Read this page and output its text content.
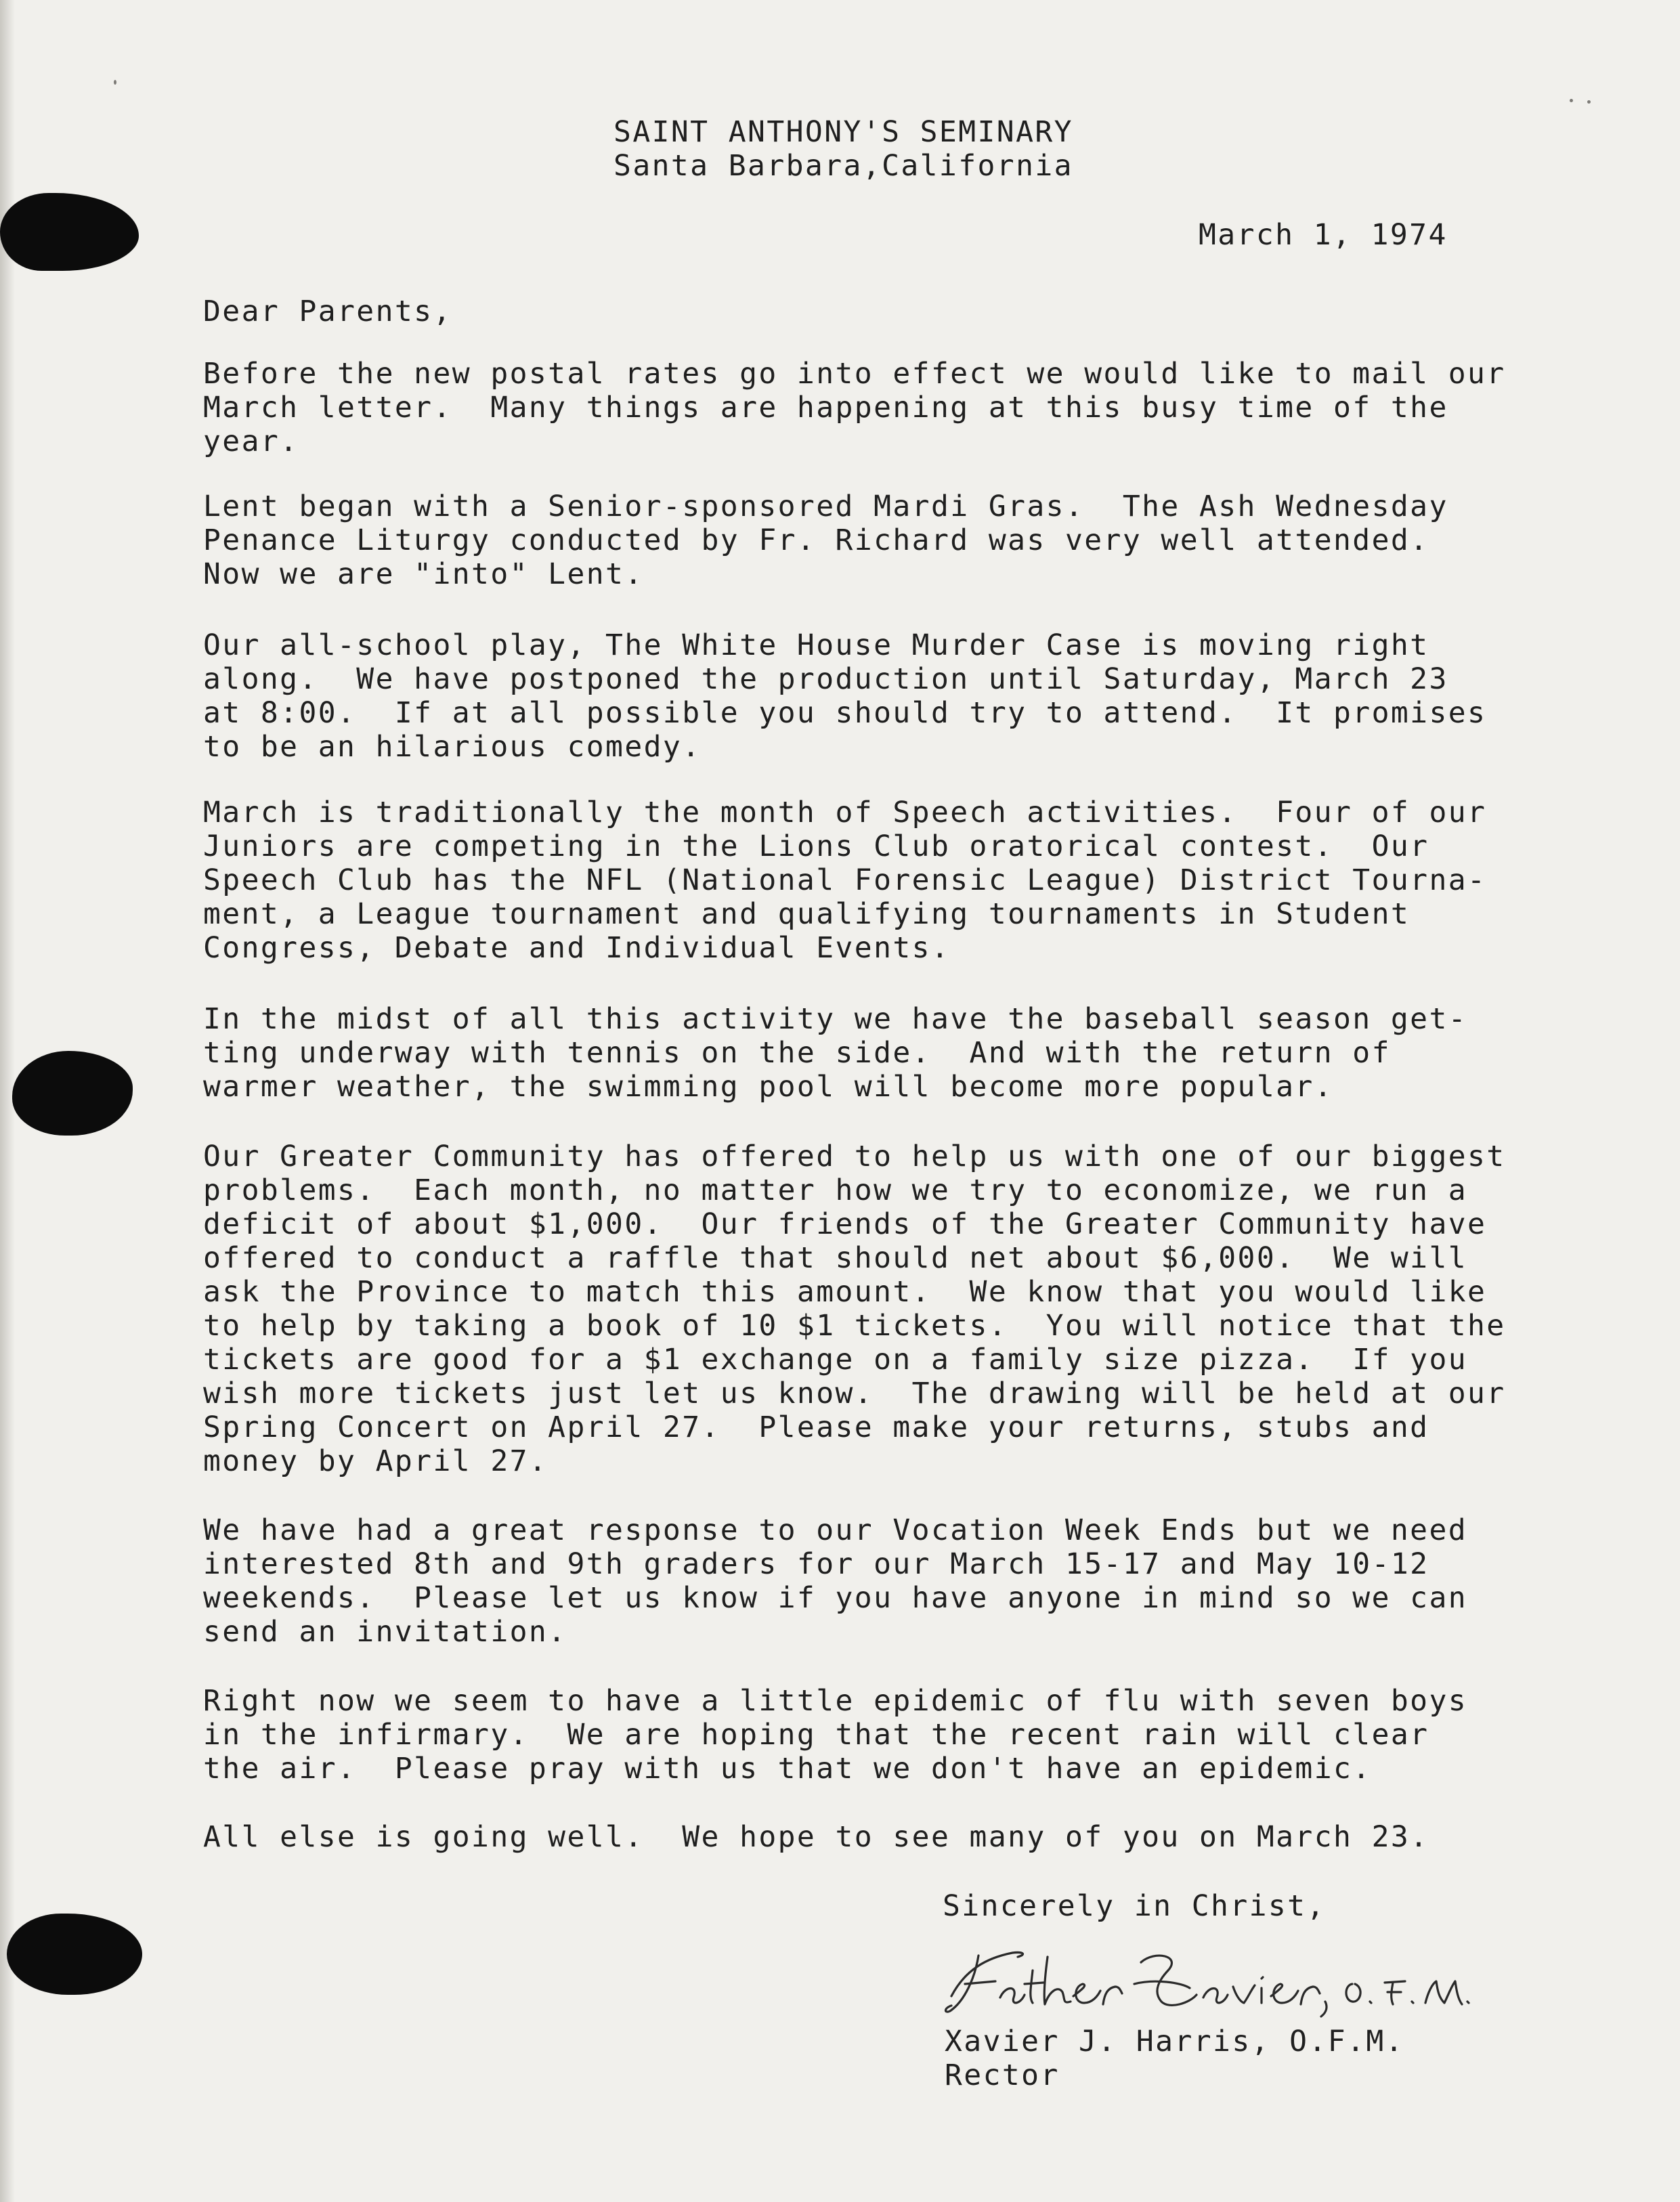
SAINT ANTHONY'S SEMINARY

Santa Barbara,California

March 1, 1974

Dear Parents,

Before the new postal rates go into effect we would like to mail our

March letter.  Many things are happening at this busy time of the

year.

Lent began with a Senior-sponsored Mardi Gras.  The Ash Wednesday

Penance Liturgy conducted by Fr. Richard was very well attended.

Now we are "into" Lent.

Our all-school play, The White House Murder Case is moving right

along.  We have postponed the production until Saturday, March 23

at 8:00.  If at all possible you should try to attend.  It promises

to be an hilarious comedy.

March is traditionally the month of Speech activities.  Four of our

Juniors are competing in the Lions Club oratorical contest.  Our

Speech Club has the NFL (National Forensic League) District Tourna-

ment, a League tournament and qualifying tournaments in Student

Congress, Debate and Individual Events.

In the midst of all this activity we have the baseball season get-

ting underway with tennis on the side.  And with the return of

warmer weather, the swimming pool will become more popular.

Our Greater Community has offered to help us with one of our biggest

problems.  Each month, no matter how we try to economize, we run a

deficit of about $1,000.  Our friends of the Greater Community have

offered to conduct a raffle that should net about $6,000.  We will

ask the Province to match this amount.  We know that you would like

to help by taking a book of 10 $1 tickets.  You will notice that the

tickets are good for a $1 exchange on a family size pizza.  If you

wish more tickets just let us know.  The drawing will be held at our

Spring Concert on April 27.  Please make your returns, stubs and

money by April 27.

We have had a great response to our Vocation Week Ends but we need

interested 8th and 9th graders for our March 15-17 and May 10-12

weekends.  Please let us know if you have anyone in mind so we can

send an invitation.

Right now we seem to have a little epidemic of flu with seven boys

in the infirmary.  We are hoping that the recent rain will clear

the air.  Please pray with us that we don't have an epidemic.

All else is going well.  We hope to see many of you on March 23.

Sincerely in Christ,

Xavier J. Harris, O.F.M.

Rector
